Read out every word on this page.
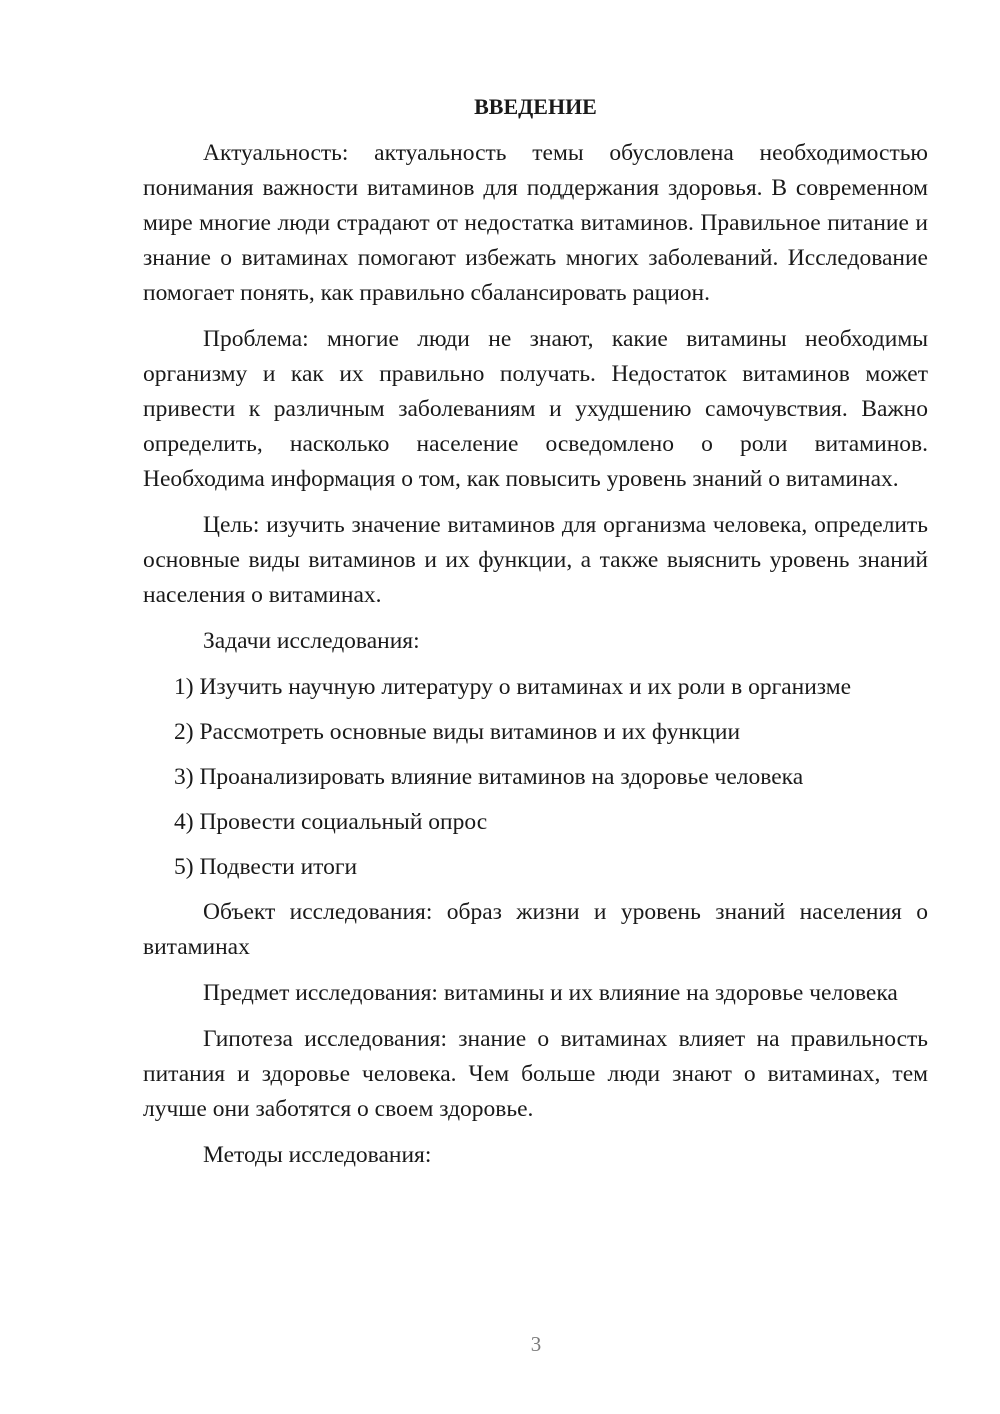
ВВЕДЕНИЕ

Актуальность: актуальность темы обусловлена необходимостью понимания важности витаминов для поддержания здоровья. В современном мире многие люди страдают от недостатка витаминов. Правильное питание и знание о витаминах помогают избежать многих заболеваний. Исследование помогает понять, как правильно сбалансировать рацион.

Проблема: многие люди не знают, какие витамины необходимы организму и как их правильно получать. Недостаток витаминов может привести к различным заболеваниям и ухудшению самочувствия. Важно определить, насколько население осведомлено о роли витаминов. Необходима информация о том, как повысить уровень знаний о витаминах.

Цель: изучить значение витаминов для организма человека, определить основные виды витаминов и их функции, а также выяснить уровень знаний населения о витаминах.

Задачи исследования:

1) Изучить научную литературу о витаминах и их роли в организме
2) Рассмотреть основные виды витаминов и их функции
3) Проанализировать влияние витаминов на здоровье человека
4) Провести социальный опрос
5) Подвести итоги

Объект исследования: образ жизни и уровень знаний населения о витаминах

Предмет исследования: витамины и их влияние на здоровье человека

Гипотеза исследования: знание о витаминах влияет на правильность питания и здоровье человека. Чем больше люди знают о витаминах, тем лучше они заботятся о своем здоровье.

Методы исследования:

3
